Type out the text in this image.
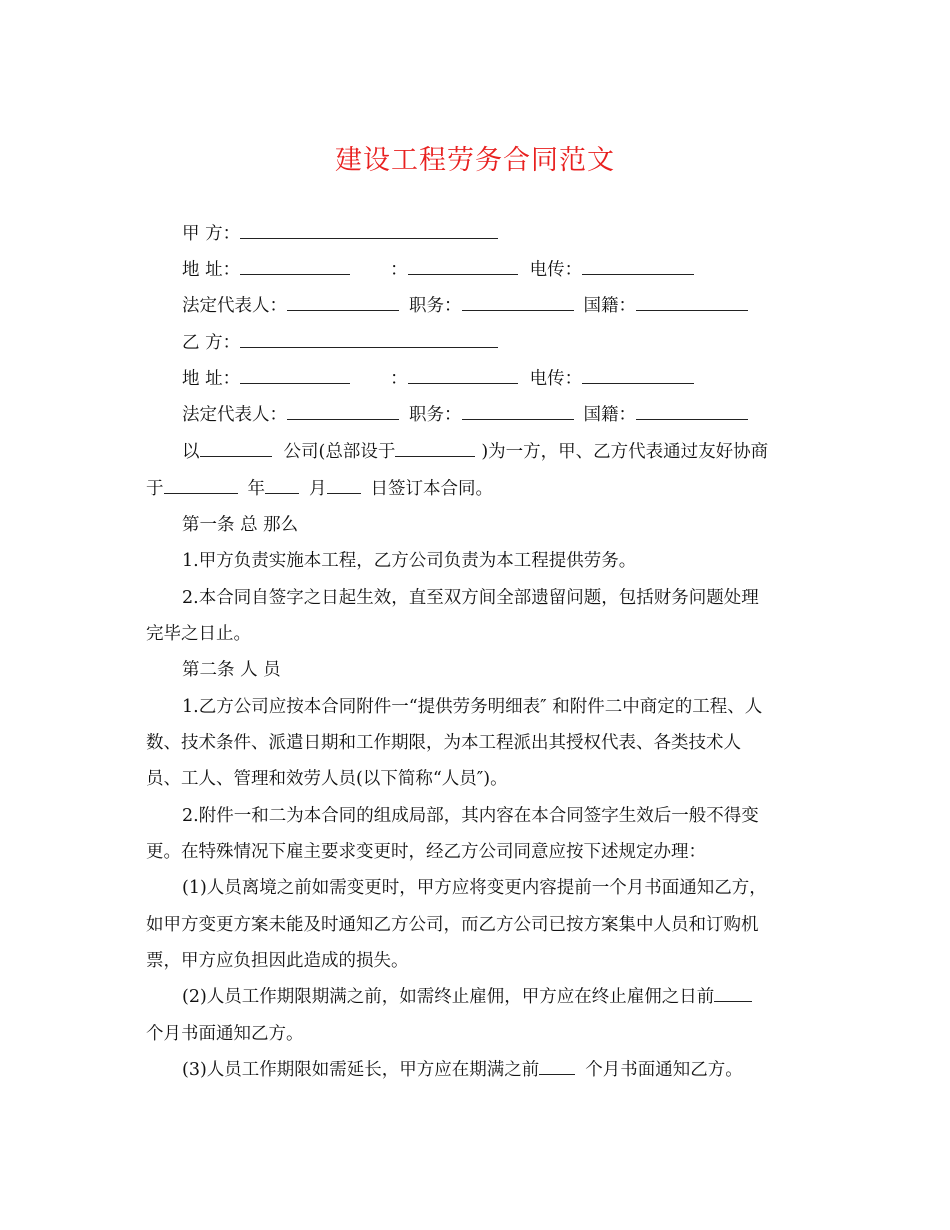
建设工程劳务合同范文
甲 方：
地 址：	：	电传：
法定代表人：	职务：	国籍：
乙 方：
地 址：	：	电传：
法定代表人：	职务：	国籍：
以	公司(总部设于	)为一方，甲、乙方代表通过友好协商
于	年	月	日签订本合同。
第一条 总 那么
1.甲方负责实施本工程，乙方公司负责为本工程提供劳务。
2.本合同自签字之日起生效，直至双方间全部遗留问题，包括财务问题处理
完毕之日止。
第二条 人 员
1.乙方公司应按本合同附件一“提供劳务明细表″ 和附件二中商定的工程、人
数、技术条件、派遣日期和工作期限，为本工程派出其授权代表、各类技术人
员、工人、管理和效劳人员(以下简称“人员″)。
2.附件一和二为本合同的组成局部，其内容在本合同签字生效后一般不得变
更。在特殊情况下雇主要求变更时，经乙方公司同意应按下述规定办理：
(1)人员离境之前如需变更时，甲方应将变更内容提前一个月书面通知乙方，
如甲方变更方案未能及时通知乙方公司，而乙方公司已按方案集中人员和订购机
票，甲方应负担因此造成的损失。
(2)人员工作期限期满之前，如需终止雇佣，甲方应在终止雇佣之日前
个月书面通知乙方。
(3)人员工作期限如需延长，甲方应在期满之前	个月书面通知乙方。
